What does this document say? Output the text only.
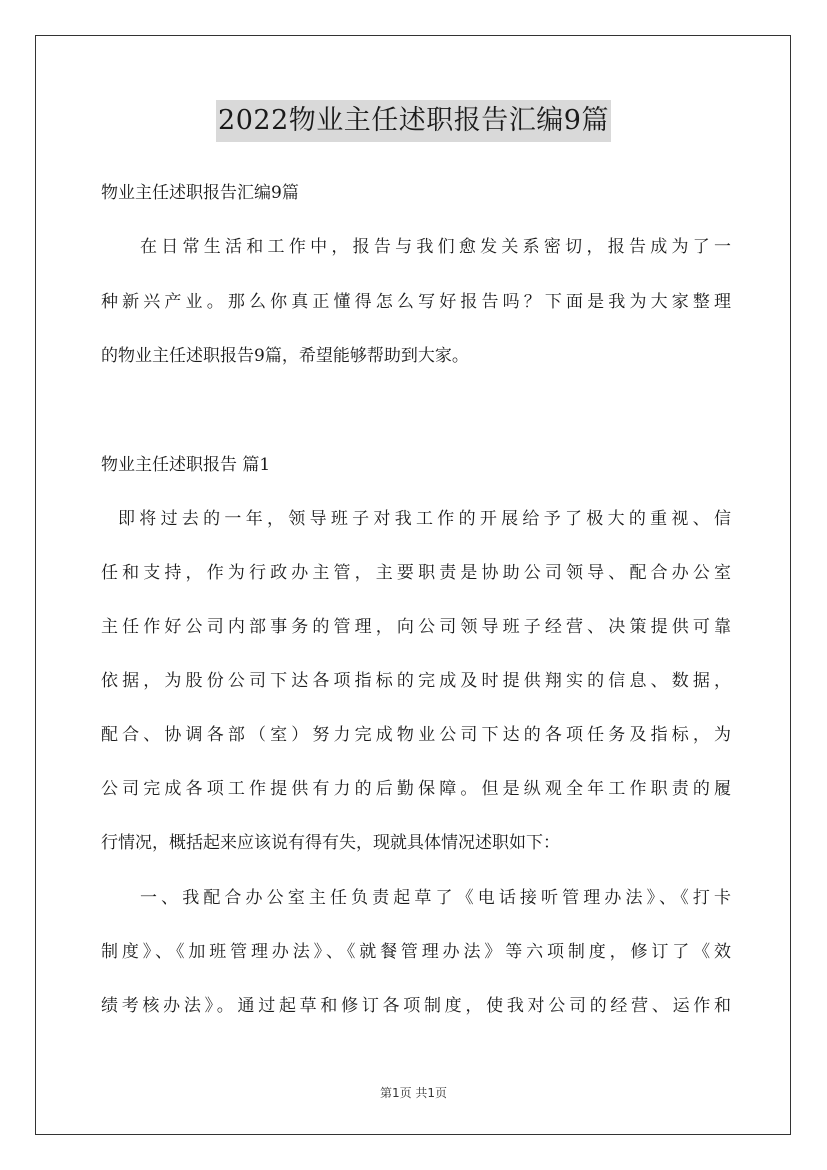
2022物业主任述职报告汇编9篇
物业主任述职报告汇编9篇
在日常生活和工作中，报告与我们愈发关系密切，报告成为了一
种新兴产业。那么你真正懂得怎么写好报告吗？下面是我为大家整理
的物业主任述职报告9篇，希望能够帮助到大家。
物业主任述职报告 篇1
即将过去的一年，领导班子对我工作的开展给予了极大的重视、信
任和支持，作为行政办主管，主要职责是协助公司领导、配合办公室
主任作好公司内部事务的管理，向公司领导班子经营、决策提供可靠
依据，为股份公司下达各项指标的完成及时提供翔实的信息、数据，
配合、协调各部（室）努力完成物业公司下达的各项任务及指标，为
公司完成各项工作提供有力的后勤保障。但是纵观全年工作职责的履
行情况，概括起来应该说有得有失，现就具体情况述职如下：
一、我配合办公室主任负责起草了《电话接听管理办法》、《打卡
制度》、《加班管理办法》、《就餐管理办法》等六项制度，修订了《效
绩考核办法》。通过起草和修订各项制度，使我对公司的经营、运作和
第1页 共1页
